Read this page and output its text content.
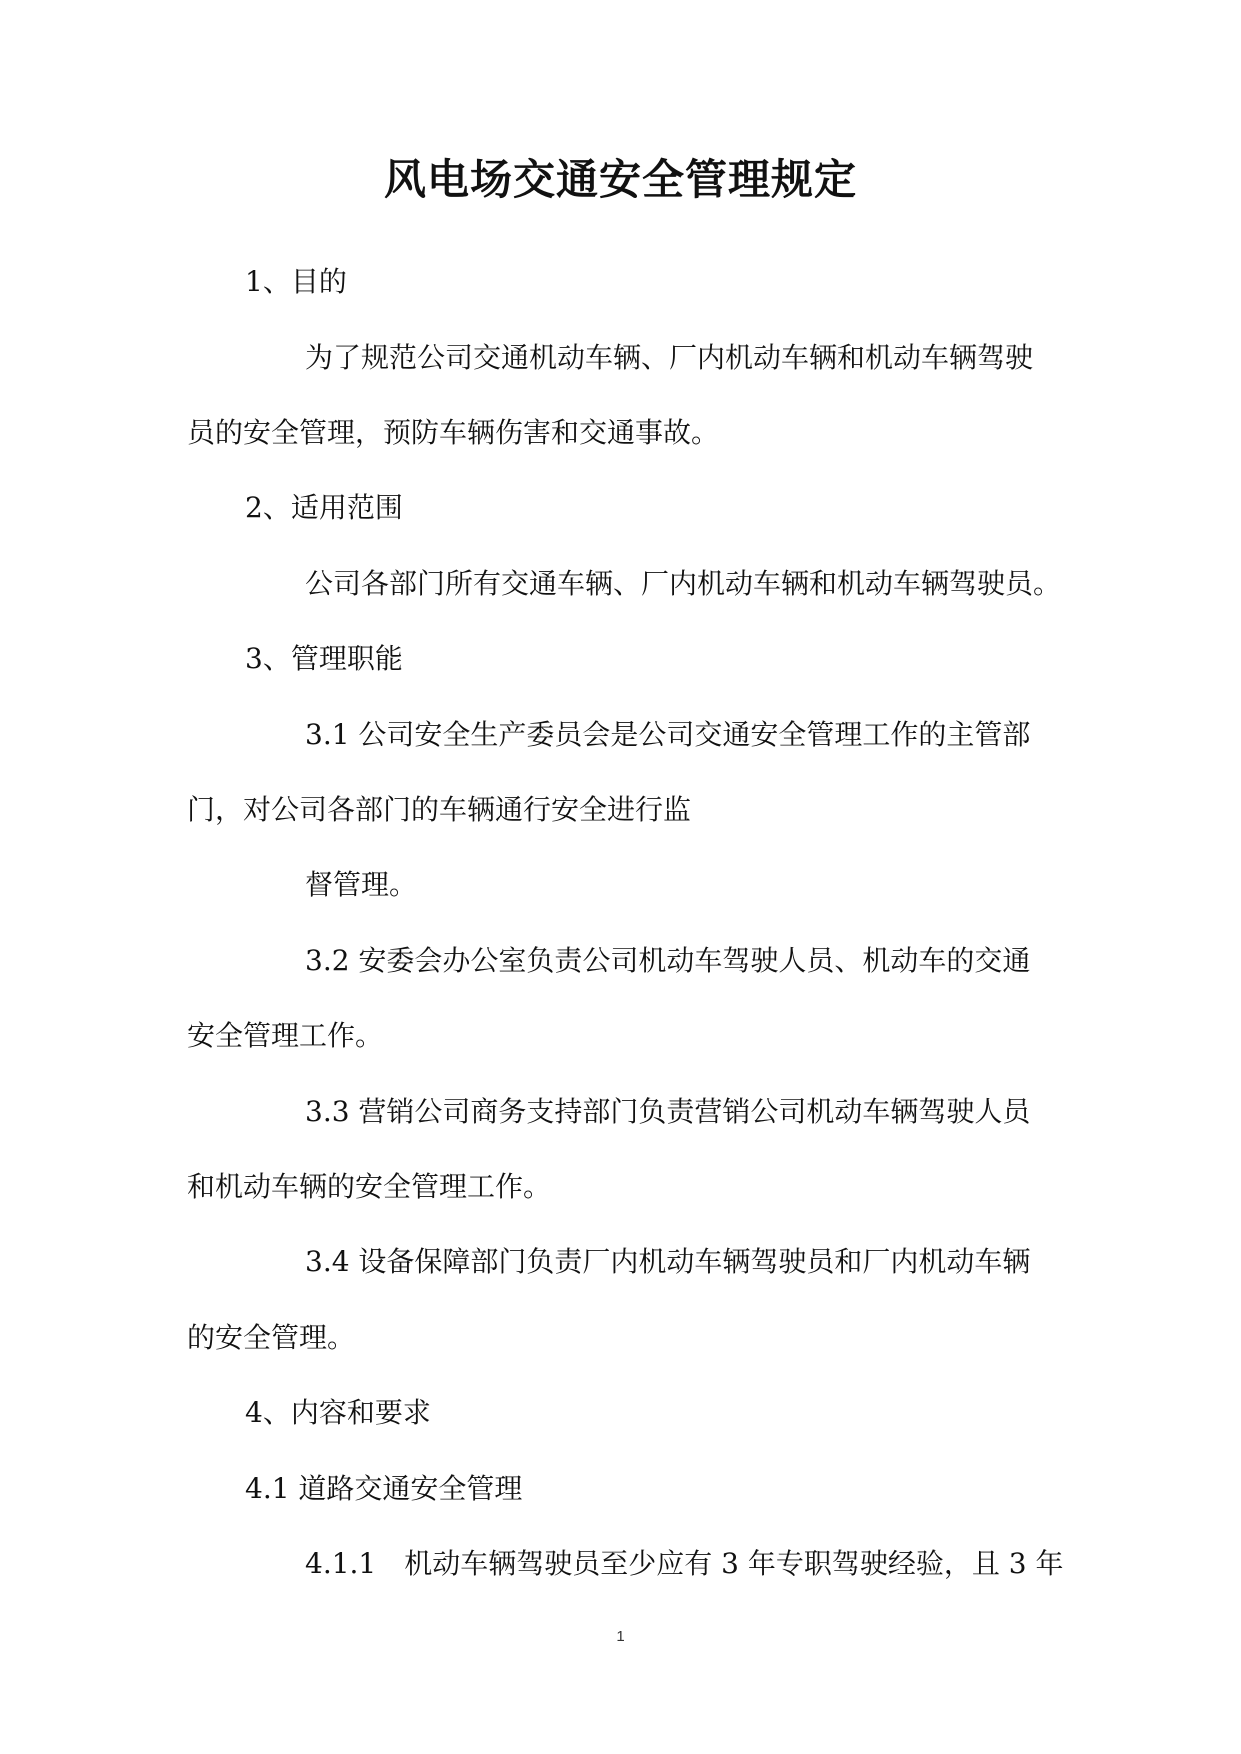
风电场交通安全管理规定
1、目的
为了规范公司交通机动车辆、厂内机动车辆和机动车辆驾驶
员的安全管理，预防车辆伤害和交通事故。
2、适用范围
公司各部门所有交通车辆、厂内机动车辆和机动车辆驾驶员。
3、管理职能
3.1 公司安全生产委员会是公司交通安全管理工作的主管部
门，对公司各部门的车辆通行安全进行监
督管理。
3.2 安委会办公室负责公司机动车驾驶人员、机动车的交通
安全管理工作。
3.3 营销公司商务支持部门负责营销公司机动车辆驾驶人员
和机动车辆的安全管理工作。
3.4 设备保障部门负责厂内机动车辆驾驶员和厂内机动车辆
的安全管理。
4、内容和要求
4.1 道路交通安全管理
4.1.1　机动车辆驾驶员至少应有 3 年专职驾驶经验，且 3 年
1
